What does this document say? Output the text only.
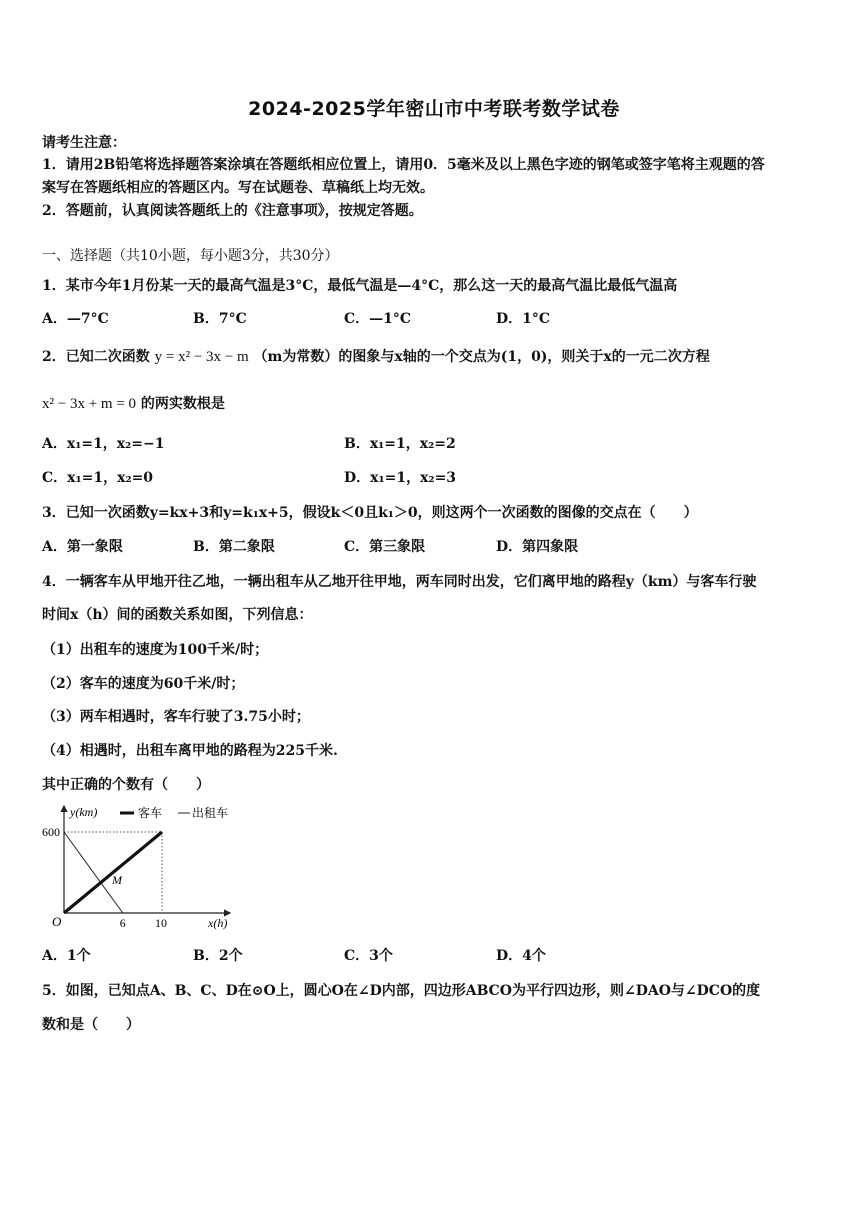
2024-2025学年密山市中考联考数学试卷
请考生注意：
1．请用2B铅笔将选择题答案涂填在答题纸相应位置上，请用0．5毫米及以上黑色字迹的钢笔或签字笔将主观题的答
案写在答题纸相应的答题区内。写在试题卷、草稿纸上均无效。
2．答题前，认真阅读答题纸上的《注意事项》，按规定答题。
一、选择题（共10小题，每小题3分，共30分）
1．某市今年1月份某一天的最高气温是3°C，最低气温是—4°C，那么这一天的最高气温比最低气温高
A．—7°C	B．7°C	C．—1°C	D．1°C
2．已知二次函数 y = x² − 3x − m （m为常数）的图象与x轴的一个交点为(1，0)，则关于x的一元二次方程
x² − 3x + m = 0 的两实数根是
A．x₁=1，x₂=−1	B．x₁=1，x₂=2
C．x₁=1，x₂=0	D．x₁=1，x₂=3
3．已知一次函数y=kx+3和y=k₁x+5，假设k＜0且k₁＞0，则这两个一次函数的图像的交点在（　　）
A．第一象限	B．第二象限	C．第三象限	D．第四象限
4．一辆客车从甲地开往乙地，一辆出租车从乙地开往甲地，两车同时出发，它们离甲地的路程y（km）与客车行驶
时间x（h）间的函数关系如图，下列信息：
（1）出租车的速度为100千米/时；
（2）客车的速度为60千米/时；
（3）两车相遇时，客车行驶了3.75小时；
（4）相遇时，出租车离甲地的路程为225千米.
其中正确的个数有（　　）
600
6 10
O
M
x(h)
y(km)	客车 出租车
A．1个	B．2个	C．3个	D．4个
5．如图，已知点A、B、C、D在⊙O上，圆心O在∠D内部，四边形ABCO为平行四边形，则∠DAO与∠DCO的度
数和是（　　）
